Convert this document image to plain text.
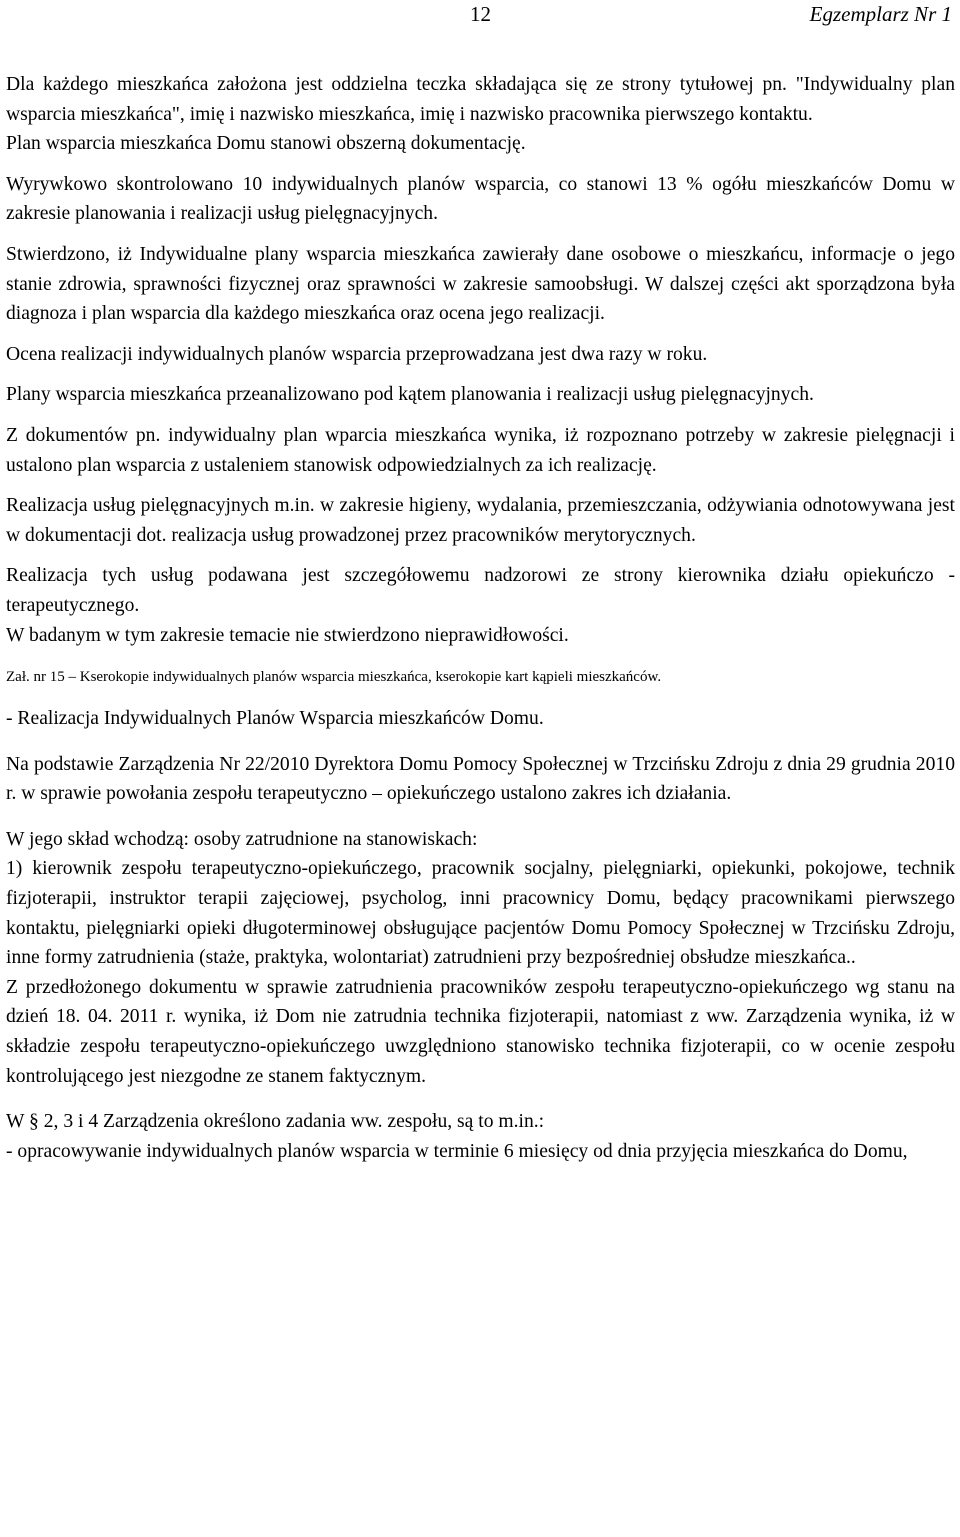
12	Egzemplarz Nr 1

Dla każdego mieszkańca założona jest oddzielna teczka składająca się ze strony tytułowej pn. "Indywidualny plan wsparcia mieszkańca", imię i nazwisko mieszkańca, imię i nazwisko pracownika pierwszego kontaktu.

Plan wsparcia mieszkańca Domu stanowi obszerną dokumentację.

Wyrywkowo skontrolowano 10 indywidualnych planów wsparcia, co stanowi 13 % ogółu mieszkańców Domu w zakresie planowania i realizacji usług pielęgnacyjnych.

Stwierdzono, iż Indywidualne plany wsparcia mieszkańca zawierały dane osobowe o mieszkańcu, informacje o jego stanie zdrowia, sprawności fizycznej oraz sprawności w zakresie samoobsługi. W dalszej części akt sporządzona była diagnoza i plan wsparcia dla każdego mieszkańca oraz ocena jego realizacji.

Ocena realizacji indywidualnych planów wsparcia przeprowadzana jest dwa razy w roku.

Plany wsparcia mieszkańca przeanalizowano pod kątem planowania i realizacji usług pielęgnacyjnych.

Z dokumentów pn. indywidualny plan wparcia mieszkańca wynika, iż rozpoznano potrzeby w zakresie pielęgnacji i ustalono plan wsparcia z ustaleniem stanowisk odpowiedzialnych za ich realizację.

Realizacja usług pielęgnacyjnych m.in. w zakresie higieny, wydalania, przemieszczania, odżywiania odnotowywana jest w dokumentacji dot. realizacja usług prowadzonej przez pracowników merytorycznych.

Realizacja tych usług podawana jest szczegółowemu nadzorowi ze strony kierownika działu opiekuńczo - terapeutycznego.

W badanym w tym zakresie temacie nie stwierdzono nieprawidłowości.

Zał. nr 15 – Kserokopie indywidualnych planów wsparcia mieszkańca, kserokopie kart kąpieli mieszkańców.

- Realizacja Indywidualnych Planów Wsparcia mieszkańców Domu.

Na podstawie Zarządzenia Nr 22/2010 Dyrektora Domu Pomocy Społecznej w Trzcińsku Zdroju z dnia 29 grudnia 2010 r. w sprawie powołania zespołu terapeutyczno – opiekuńczego ustalono zakres ich działania.

W jego skład wchodzą: osoby zatrudnione na stanowiskach:

1) kierownik zespołu terapeutyczno-opiekuńczego, pracownik socjalny, pielęgniarki, opiekunki, pokojowe, technik fizjoterapii, instruktor terapii zajęciowej, psycholog, inni pracownicy Domu, będący pracownikami pierwszego kontaktu, pielęgniarki opieki długoterminowej obsługujące pacjentów Domu Pomocy Społecznej w Trzcińsku Zdroju, inne formy zatrudnienia (staże, praktyka, wolontariat) zatrudnieni przy bezpośredniej obsłudze mieszkańca..

Z przedłożonego dokumentu w sprawie zatrudnienia pracowników zespołu terapeutyczno-opiekuńczego wg stanu na dzień 18. 04. 2011 r. wynika, iż Dom nie zatrudnia technika fizjoterapii, natomiast z ww. Zarządzenia wynika, iż w składzie zespołu terapeutyczno-opiekuńczego uwzględniono stanowisko technika fizjoterapii, co w ocenie zespołu kontrolującego jest niezgodne ze stanem faktycznym.

W § 2, 3 i 4 Zarządzenia określono zadania ww. zespołu, są to m.in.:

- opracowywanie indywidualnych planów wsparcia w terminie 6 miesięcy od dnia przyjęcia mieszkańca do Domu,
